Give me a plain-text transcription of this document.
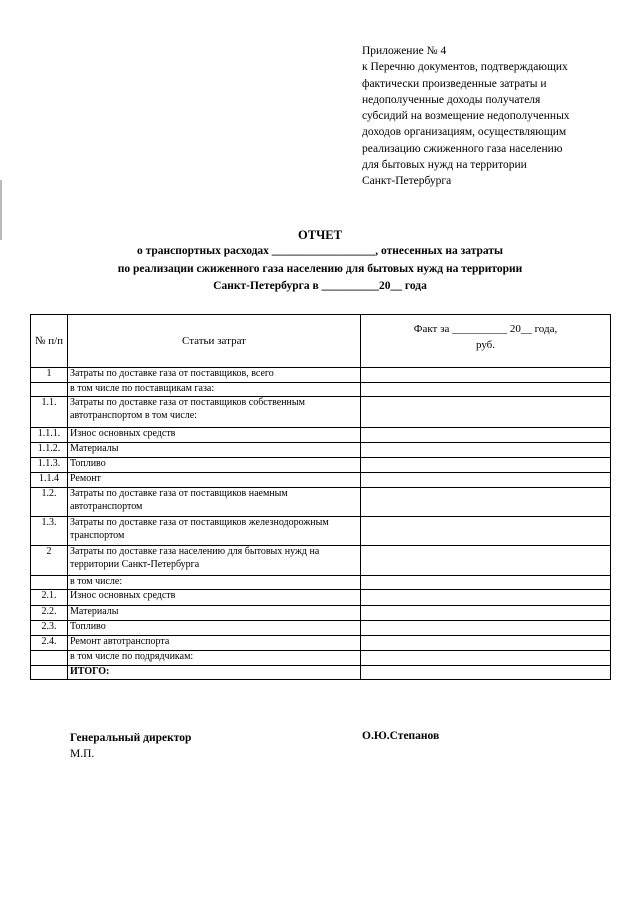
Приложение № 4
к Перечню документов, подтверждающих
фактически произведенные затраты и
недополученные доходы получателя
субсидий на возмещение недополученных
доходов организациям, осуществляющим
реализацию сжиженного газа населению
для бытовых нужд на территории
Санкт-Петербурга
ОТЧЕТ
о транспортных расходах __________________, отнесенных на затраты
по реализации сжиженного газа населению для бытовых нужд на территории
Санкт-Петербурга в __________20__ года
№ п/п	Статьи затрат	Факт за __________ 20__ года,
руб.

1	Затраты по доставке газа от поставщиков, всего	
	в том числе по поставщикам газа:	
1.1.	Затраты по доставке газа от поставщиков собственным автотранспортом в том числе:	
1.1.1.	Износ основных средств	
1.1.2.	Материалы	
1.1.3.	Топливо	
1.1.4	Ремонт	
1.2.	Затраты по доставке газа от поставщиков наемным автотранспортом	
1.3.	Затраты по доставке газа от поставщиков железнодорожным транспортом	
2	Затраты по доставке газа населению для бытовых нужд на территории Санкт-Петербурга	
	в том числе:	
2.1.	Износ основных средств	
2.2.	Материалы	
2.3.	Топливо	
2.4.	Ремонт автотранспорта	
	в том числе по подрядчикам:	
	ИТОГО:	
Генеральный директор
М.П.
О.Ю.Степанов
